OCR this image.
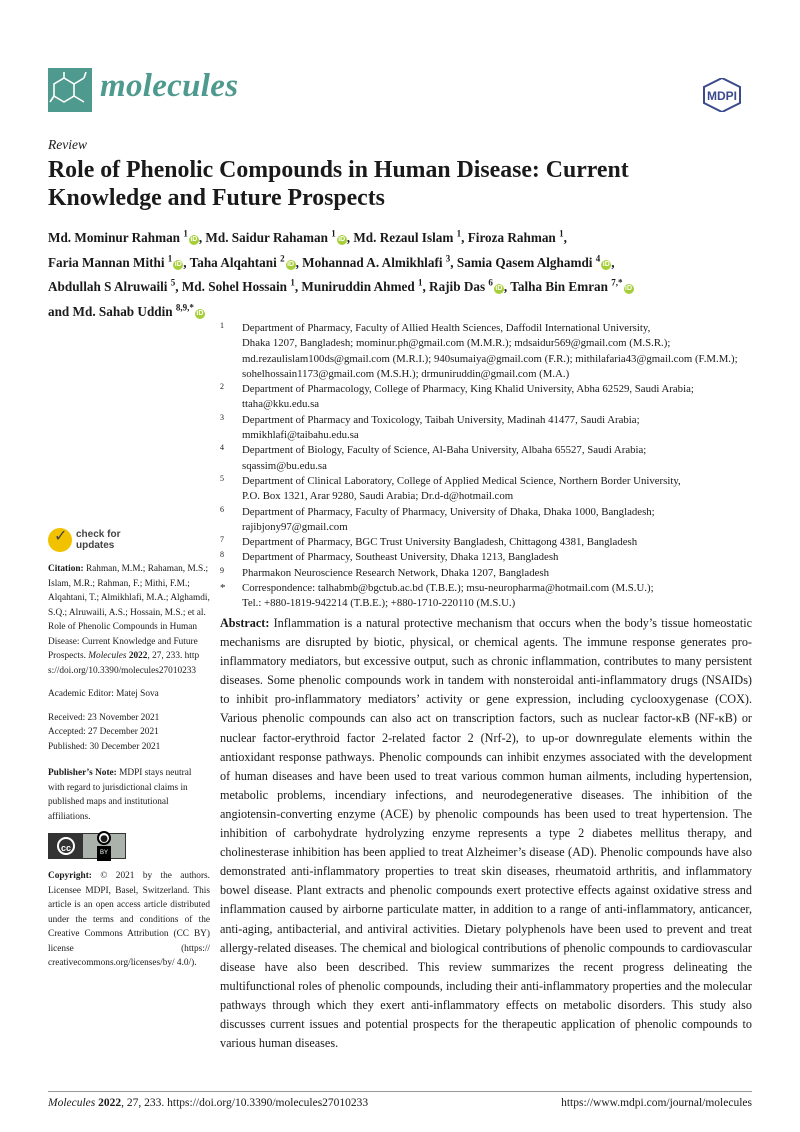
molecules	MDPI
Review
Role of Phenolic Compounds in Human Disease: Current Knowledge and Future Prospects
Md. Mominur Rahman $^1$iD , Md. Saidur Rahaman $^1$iD , Md. Rezaul Islam $^1$, Firoza Rahman $^1$,
Faria Mannan Mithi $^1$iD , Taha Alqahtani $^2$iD , Mohannad A. Almikhlafi $^3$, Samia Qasem Alghamdi $^4$iD ,
Abdullah S Alruwaili $^5$, Md. Sohel Hossain $^1$, Muniruddin Ahmed $^1$, Rajib Das $^6$iD , Talha Bin Emran $^{7,*}$iD
and Md. Sahab Uddin $^{8,9,*}$iD
1 Department of Pharmacy, Faculty of Allied Health Sciences, Daffodil International University,
Dhaka 1207, Bangladesh; mominur.ph@gmail.com (M.M.R.); mdsaidur569@gmail.com (M.S.R.);
md.rezaulislam100ds@gmail.com (M.R.I.); 940sumaiya@gmail.com (F.R.); mithilafaria43@gmail.com (F.M.M.);
sohelhossain1173@gmail.com (M.S.H.); drmuniruddin@gmail.com (M.A.)
2 Department of Pharmacology, College of Pharmacy, King Khalid University, Abha 62529, Saudi Arabia;
ttaha@kku.edu.sa
3 Department of Pharmacy and Toxicology, Taibah University, Madinah 41477, Saudi Arabia;
mmikhlafi@taibahu.edu.sa
4 Department of Biology, Faculty of Science, Al-Baha University, Albaha 65527, Saudi Arabia;
sqassim@bu.edu.sa
5 Department of Clinical Laboratory, College of Applied Medical Science, Northern Border University,
P.O. Box 1321, Arar 9280, Saudi Arabia; Dr.d-d@hotmail.com
6 Department of Pharmacy, Faculty of Pharmacy, University of Dhaka, Dhaka 1000, Bangladesh;
rajibjony97@gmail.com
7 Department of Pharmacy, BGC Trust University Bangladesh, Chittagong 4381, Bangladesh
8 Department of Pharmacy, Southeast University, Dhaka 1213, Bangladesh
9 Pharmakon Neuroscience Research Network, Dhaka 1207, Bangladesh
* Correspondence: talhabmb@bgctub.ac.bd (T.B.E.); msu-neuropharma@hotmail.com (M.S.U.);
Tel.: +880-1819-942214 (T.B.E.); +880-1710-220110 (M.S.U.)
✓
check for updates
Citation: Rahman, M.M.; Rahaman, M.S.; Islam, M.R.; Rahman, F.; Mithi, F.M.; Alqahtani, T.; Almikhlafi, M.A.; Alghamdi, S.Q.; Alruwaili, A.S.; Hossain, M.S.; et al. Role of Phenolic Compounds in Human Disease: Current Knowledge and Future Prospects. Molecules 2022, 27, 233. https://doi.org/10.3390/molecules27010233
Academic Editor: Matej Sova
Received: 23 November 2021
Accepted: 27 December 2021
Published: 30 December 2021
Publisher’s Note: MDPI stays neutral with regard to jurisdictional claims in published maps and institutional affiliations.
cc
●
BY
Copyright: © 2021 by the authors. Licensee MDPI, Basel, Switzerland. This article is an open access article distributed under the terms and conditions of the Creative Commons Attribution (CC BY) license (https:// creativecommons.org/licenses/by/ 4.0/).
Abstract: Inflammation is a natural protective mechanism that occurs when the body’s tissue homeostatic mechanisms are disrupted by biotic, physical, or chemical agents. The immune response generates pro-inflammatory mediators, but excessive output, such as chronic inflammation, contributes to many persistent diseases. Some phenolic compounds work in tandem with nonsteroidal anti-inflammatory drugs (NSAIDs) to inhibit pro-inflammatory mediators’ activity or gene expression, including cyclooxygenase (COX). Various phenolic compounds can also act on transcription factors, such as nuclear factor-κB (NF-κB) or nuclear factor-erythroid factor 2-related factor 2 (Nrf-2), to up-or downregulate elements within the antioxidant response pathways. Phenolic compounds can inhibit enzymes associated with the development of human diseases and have been used to treat various common human ailments, including hypertension, metabolic problems, incendiary infections, and neurodegenerative diseases. The inhibition of the angiotensin-converting enzyme (ACE) by phenolic compounds has been used to treat hypertension. The inhibition of carbohydrate hydrolyzing enzyme represents a type 2 diabetes mellitus therapy, and cholinesterase inhibition has been applied to treat Alzheimer’s disease (AD). Phenolic compounds have also demonstrated anti-inflammatory properties to treat skin diseases, rheumatoid arthritis, and inflammatory bowel disease. Plant extracts and phenolic compounds exert protective effects against oxidative stress and inflammation caused by airborne particulate matter, in addition to a range of anti-inflammatory, anticancer, anti-aging, antibacterial, and antiviral activities. Dietary polyphenols have been used to prevent and treat allergy-related diseases. The chemical and biological contributions of phenolic compounds to cardiovascular disease have also been described. This review summarizes the recent progress delineating the multifunctional roles of phenolic compounds, including their anti-inflammatory properties and the molecular pathways through which they exert anti-inflammatory effects on metabolic disorders. This study also discusses current issues and potential prospects for the therapeutic application of phenolic compounds to various human diseases.
Molecules 2022, 27, 233. https://doi.org/10.3390/molecules27010233	https://www.mdpi.com/journal/molecules
